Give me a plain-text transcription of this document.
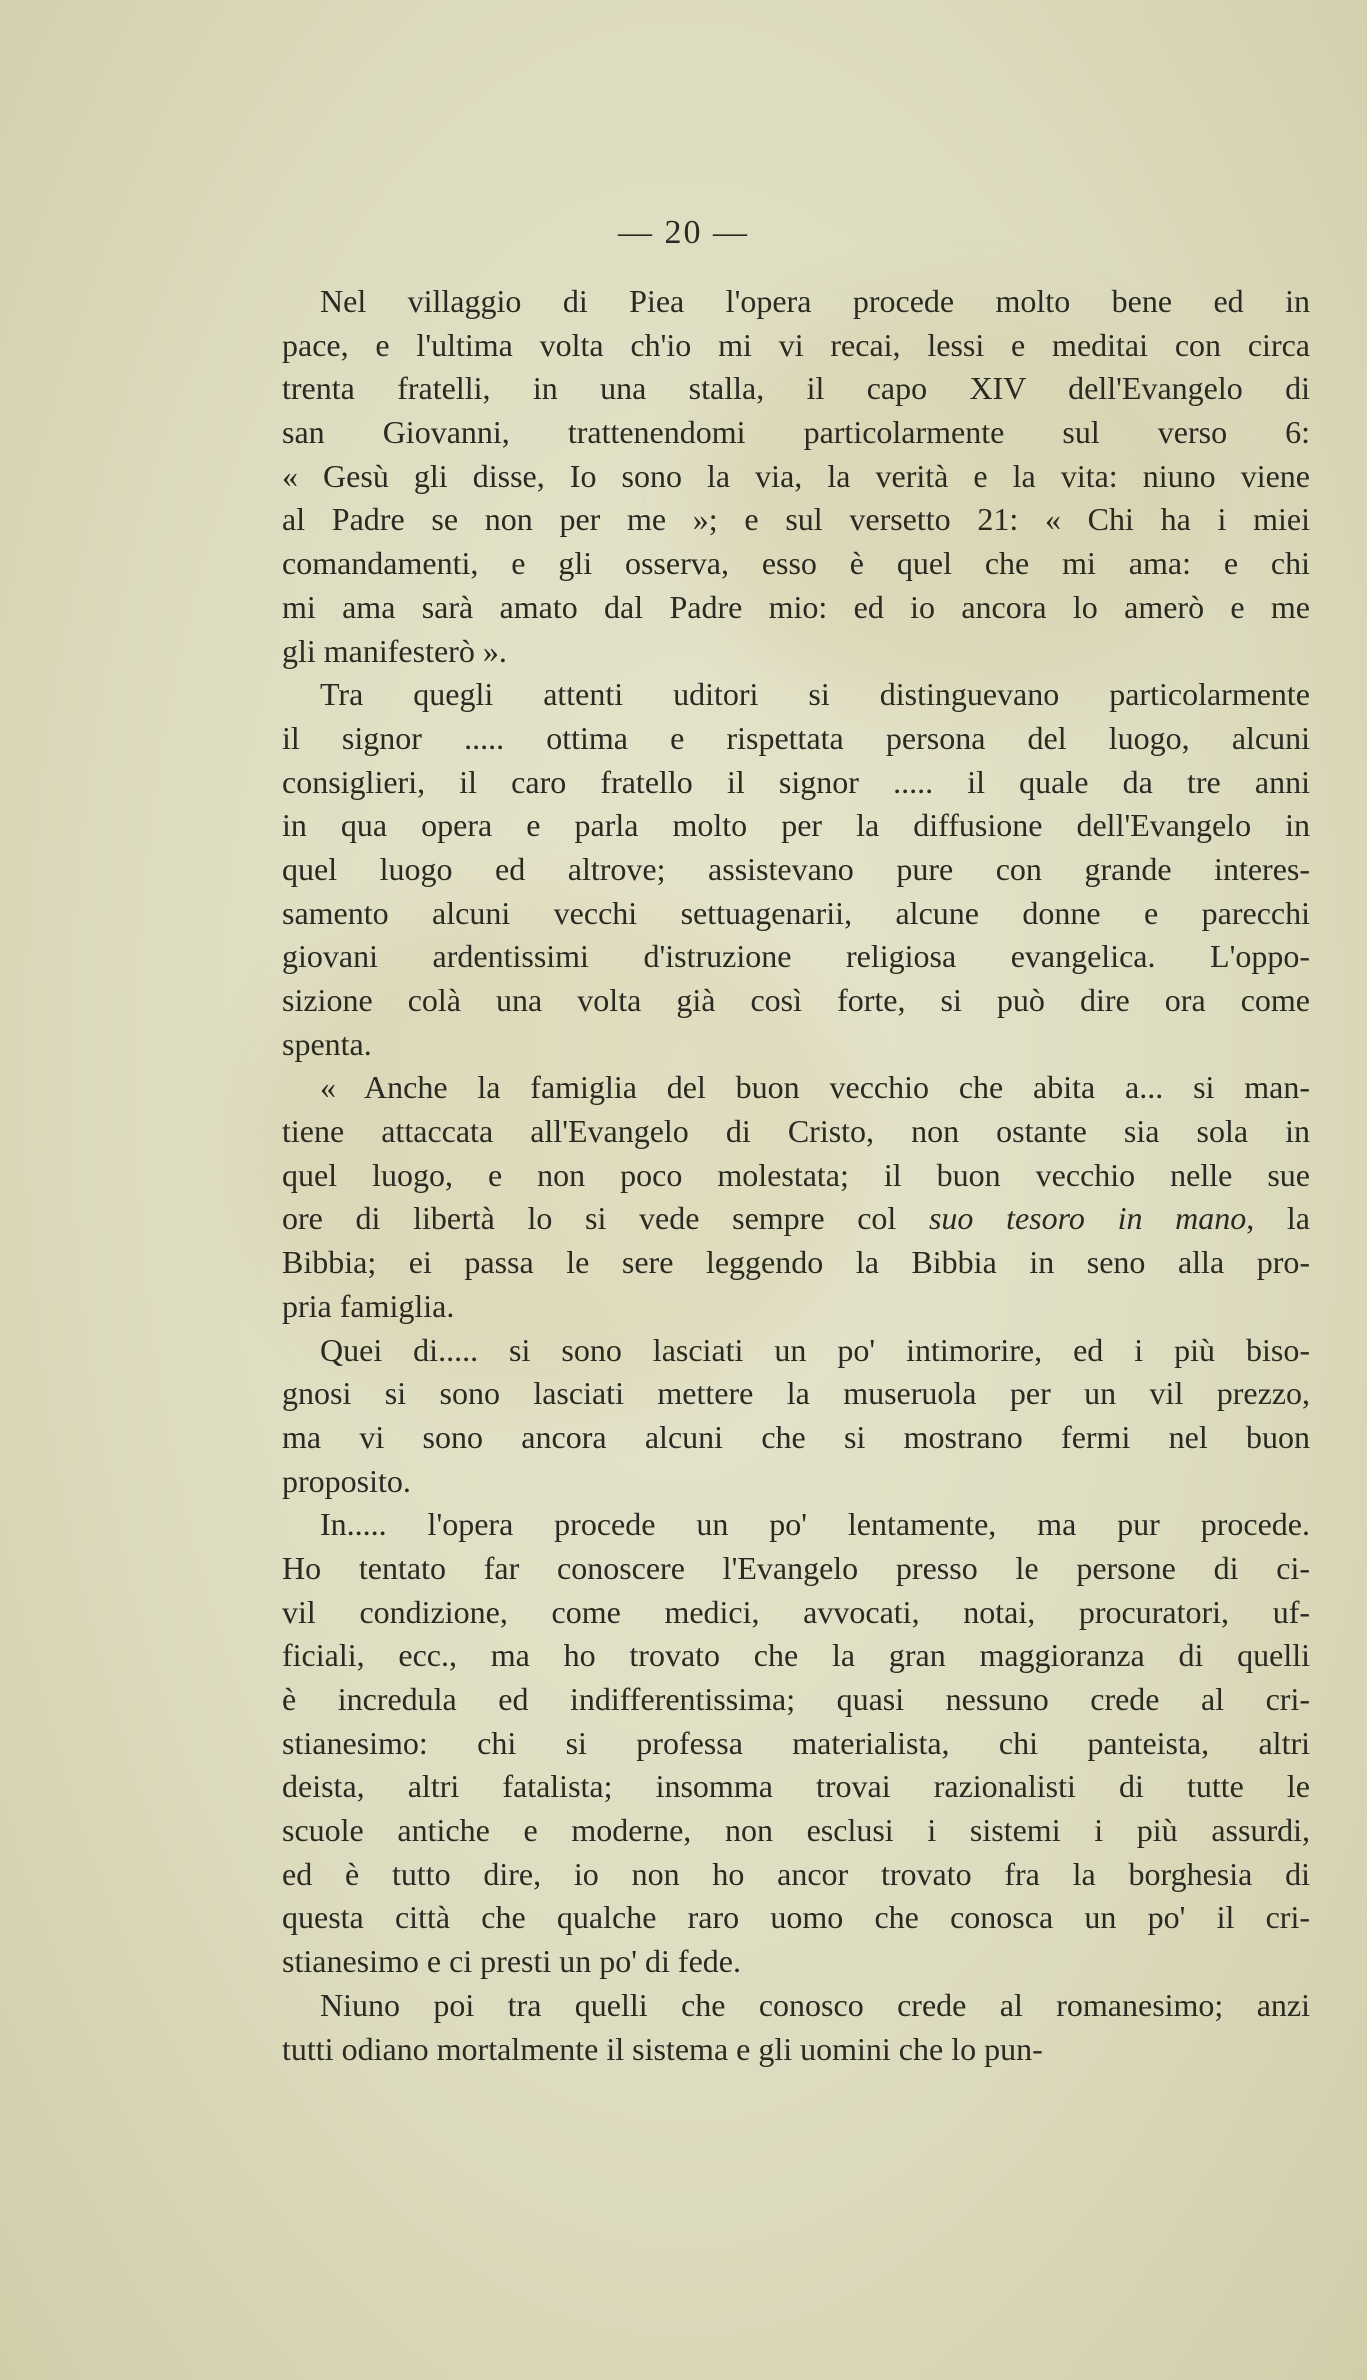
— 20 —
Nel villaggio di Piea l'opera procede molto bene ed in
pace, e l'ultima volta ch'io mi vi recai, lessi e meditai con circa
trenta fratelli, in una stalla, il capo XIV dell'Evangelo di
san Giovanni, trattenendomi particolarmente sul verso 6:
« Gesù gli disse, Io sono la via, la verità e la vita: niuno viene
al Padre se non per me »; e sul versetto 21: « Chi ha i miei
comandamenti, e gli osserva, esso è quel che mi ama: e chi
mi ama sarà amato dal Padre mio: ed io ancora lo amerò e me
gli manifesterò ».
Tra quegli attenti uditori si distinguevano particolarmente
il signor ..... ottima e rispettata persona del luogo, alcuni
consiglieri, il caro fratello il signor ..... il quale da tre anni
in qua opera e parla molto per la diffusione dell'Evangelo in
quel luogo ed altrove; assistevano pure con grande interes-
samento alcuni vecchi settuagenarii, alcune donne e parecchi
giovani ardentissimi d'istruzione religiosa evangelica. L'oppo-
sizione colà una volta già così forte, si può dire ora come
spenta.
« Anche la famiglia del buon vecchio che abita a... si man-
tiene attaccata all'Evangelo di Cristo, non ostante sia sola in
quel luogo, e non poco molestata; il buon vecchio nelle sue
ore di libertà lo si vede sempre col suo tesoro in mano, la
Bibbia; ei passa le sere leggendo la Bibbia in seno alla pro-
pria famiglia.
Quei di..... si sono lasciati un po' intimorire, ed i più biso-
gnosi si sono lasciati mettere la museruola per un vil prezzo,
ma vi sono ancora alcuni che si mostrano fermi nel buon
proposito.
In..... l'opera procede un po' lentamente, ma pur procede.
Ho tentato far conoscere l'Evangelo presso le persone di ci-
vil condizione, come medici, avvocati, notai, procuratori, uf-
ficiali, ecc., ma ho trovato che la gran maggioranza di quelli
è incredula ed indifferentissima; quasi nessuno crede al cri-
stianesimo: chi si professa materialista, chi panteista, altri
deista, altri fatalista; insomma trovai razionalisti di tutte le
scuole antiche e moderne, non esclusi i sistemi i più assurdi,
ed è tutto dire, io non ho ancor trovato fra la borghesia di
questa città che qualche raro uomo che conosca un po' il cri-
stianesimo e ci presti un po' di fede.
Niuno poi tra quelli che conosco crede al romanesimo; anzi
tutti odiano mortalmente il sistema e gli uomini che lo pun-
